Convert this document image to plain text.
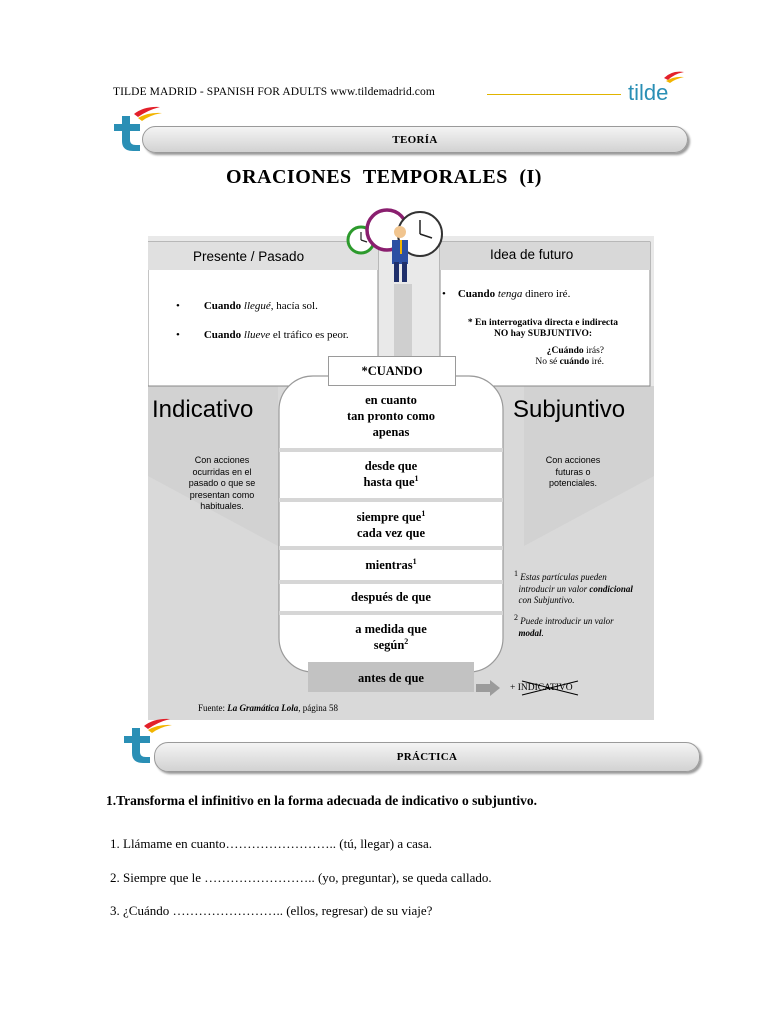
TILDE MADRID - SPANISH FOR ADULTS www.tildemadrid.com	tilde
TEORÍA
ORACIONES TEMPORALES (I)
Presente / Pasado
• Cuando llegué, hacía sol.
• Cuando llueve el tráfico es peor.
Idea de futuro
• Cuando tenga dinero iré.
* En interrogativa directa e indirecta
NO hay SUBJUNTIVO:
¿Cuándo irás?
No sé cuándo iré.
*CUANDO
Indicativo	Subjuntivo
Con acciones ocurridas en el pasado o que se presentan como habituales.
Con acciones futuras o potenciales.
en cuanto
tan pronto como
apenas
desde que
hasta que$^1$
siempre que$^1$
cada vez que
mientras$^1$
después de que
a medida que
según$^2$
antes de que
$^1$ Estas partículas pueden
introducir un valor condicional
con Subjuntivo.
$^2$ Puede introducir un valor
modal.
+ INDICATIVO
Fuente: La Gramática Lola, página 58
PRÁCTICA
1.Transforma el infinitivo en la forma adecuada de indicativo o subjuntivo.
1. Llámame en cuanto…………………….. (tú, llegar) a casa.
2. Siempre que le …………………….. (yo, preguntar), se queda callado.
3. ¿Cuándo …………………….. (ellos, regresar) de su viaje?
